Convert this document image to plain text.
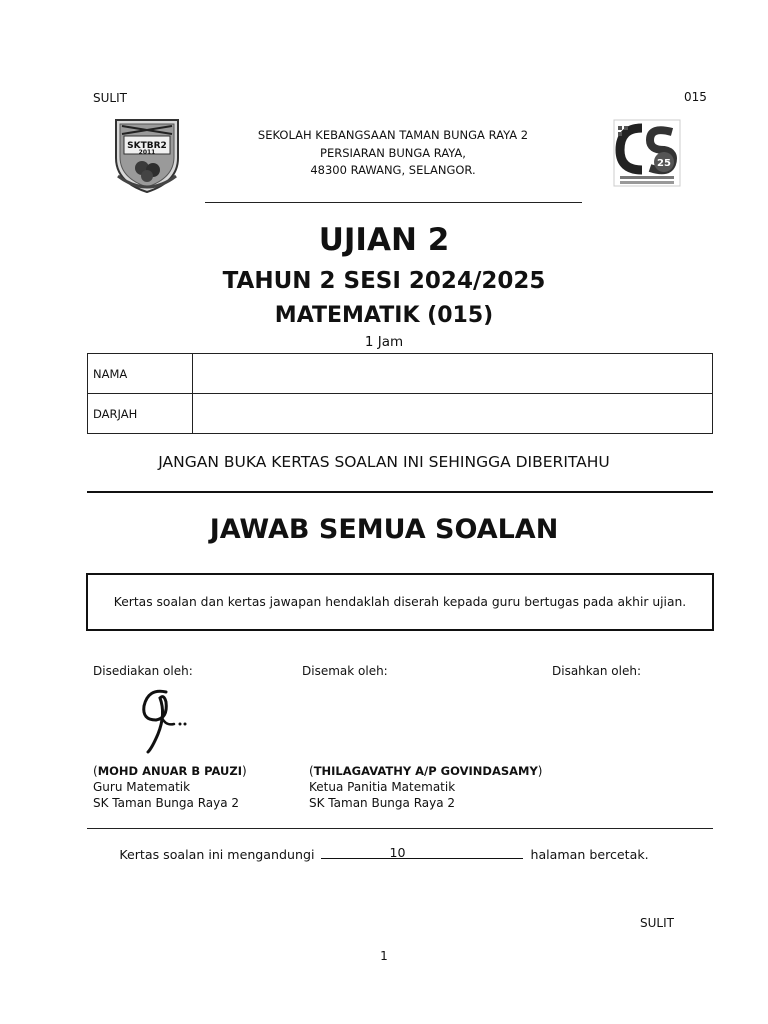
SULIT	015
SKTBR2
2011
25
SEKOLAH KEBANGSAAN TAMAN BUNGA RAYA 2
PERSIARAN BUNGA RAYA,
48300 RAWANG, SELANGOR.
UJIAN 2
TAHUN 2 SESI 2024/2025
MATEMATIK (015)
1 Jam
NAMA	
DARJAH	
JANGAN BUKA KERTAS SOALAN INI SEHINGGA DIBERITAHU
JAWAB SEMUA SOALAN
Kertas soalan dan kertas jawapan hendaklah diserah kepada guru bertugas pada akhir ujian.
Disediakan oleh:	Disemak oleh:	Disahkan oleh:
(MOHD ANUAR B PAUZI)
Guru Matematik
SK Taman Bunga Raya 2
(THILAGAVATHY A/P GOVINDASAMY)
Ketua Panitia Matematik
SK Taman Bunga Raya 2
Kertas soalan ini mengandungi	10	halaman bercetak.
SULIT
1
